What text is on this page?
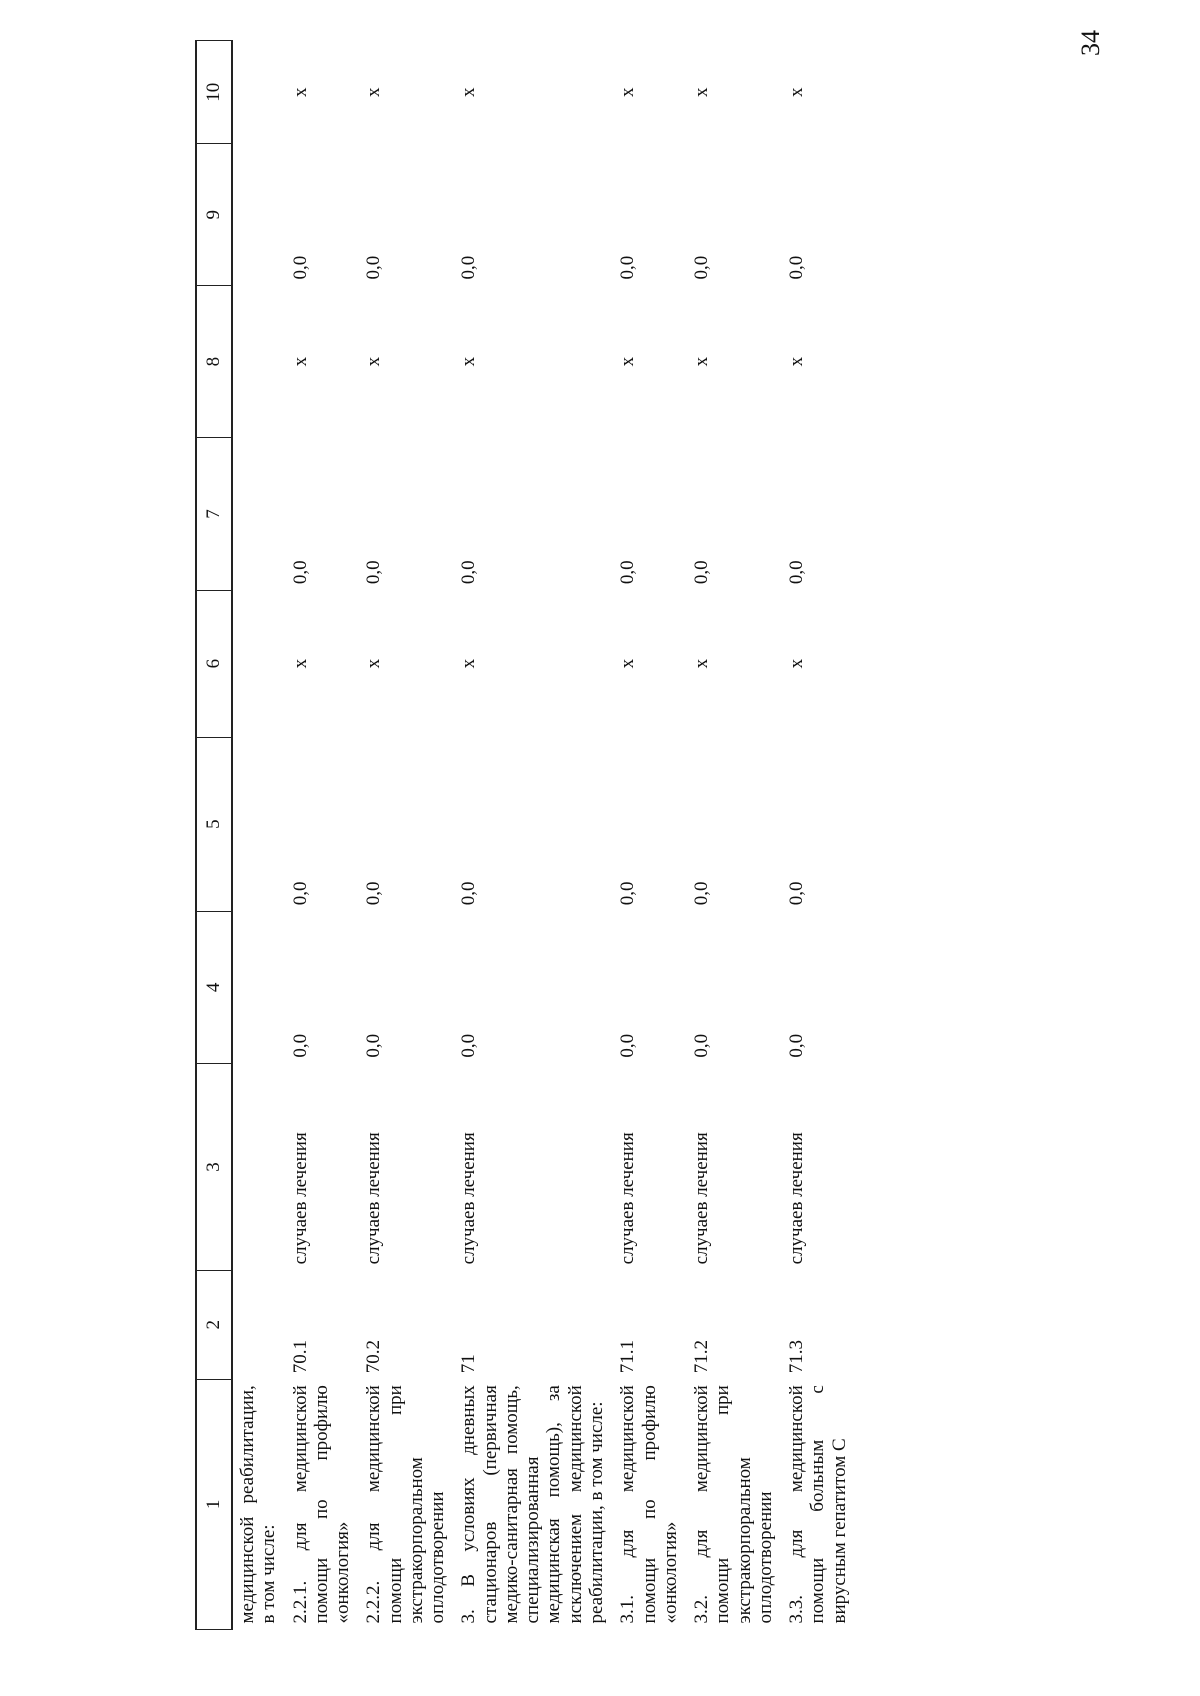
34
1	2	3	4	5	6	7	8	9	10
медицинской реабилитации, в том числе:									
2.2.1. для медицинской помощи по профилю «онкология»	70.1	случаев лечения	0,0	0,0	x	0,0	x	0,0	x
2.2.2. для медицинской помощи при экстракорпоральном оплодотворении	70.2	случаев лечения	0,0	0,0	x	0,0	x	0,0	x
3. В условиях дневных стационаров (первичная медико-санитарная помощь, специализированная медицинская помощь), за исключением медицинской реабилитации, в том числе:	71	случаев лечения	0,0	0,0	x	0,0	x	0,0	x
3.1. для медицинской помощи по профилю «онкология»	71.1	случаев лечения	0,0	0,0	x	0,0	x	0,0	x
3.2. для медицинской помощи при экстракорпоральном оплодотворении	71.2	случаев лечения	0,0	0,0	x	0,0	x	0,0	x
3.3. для медицинской помощи больным с вирусным гепатитом С	71.3	случаев лечения	0,0	0,0	x	0,0	x	0,0	x
